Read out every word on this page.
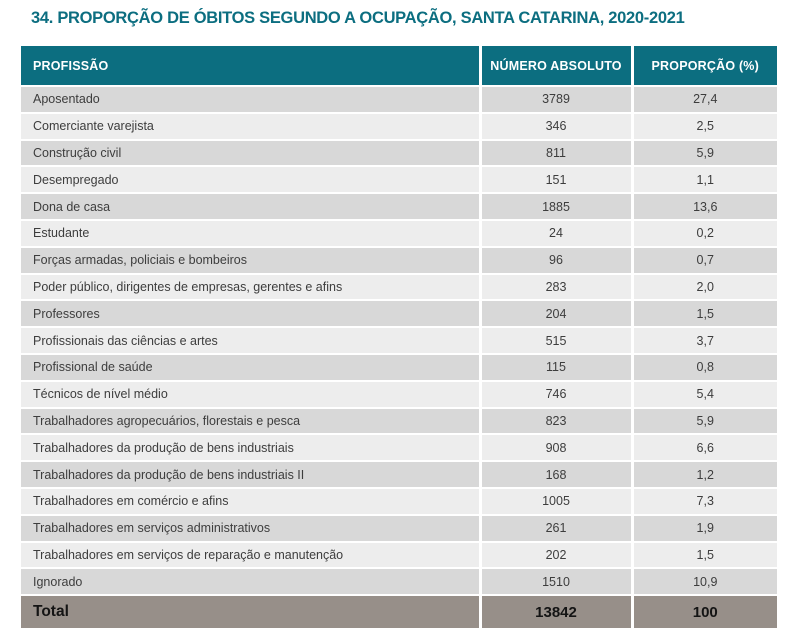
34. PROPORÇÃO DE ÓBITOS SEGUNDO A OCUPAÇÃO, SANTA CATARINA, 2020-2021
PROFISSÃO	NÚMERO ABSOLUTO	PROPORÇÃO (%)
Aposentado	3789	27,4
Comerciante varejista	346	2,5
Construção civil	811	5,9
Desempregado	151	1,1
Dona de casa	1885	13,6
Estudante	24	0,2
Forças armadas, policiais e bombeiros	96	0,7
Poder público, dirigentes de empresas, gerentes e afins	283	2,0
Professores	204	1,5
Profissionais das ciências e artes	515	3,7
Profissional de saúde	115	0,8
Técnicos de nível médio	746	5,4
Trabalhadores agropecuários, florestais e pesca	823	5,9
Trabalhadores da produção de bens industriais	908	6,6
Trabalhadores da produção de bens industriais II	168	1,2
Trabalhadores em comércio e afins	1005	7,3
Trabalhadores em serviços administrativos	261	1,9
Trabalhadores em serviços de reparação e manutenção	202	1,5
Ignorado	1510	10,9
Total	13842	100
